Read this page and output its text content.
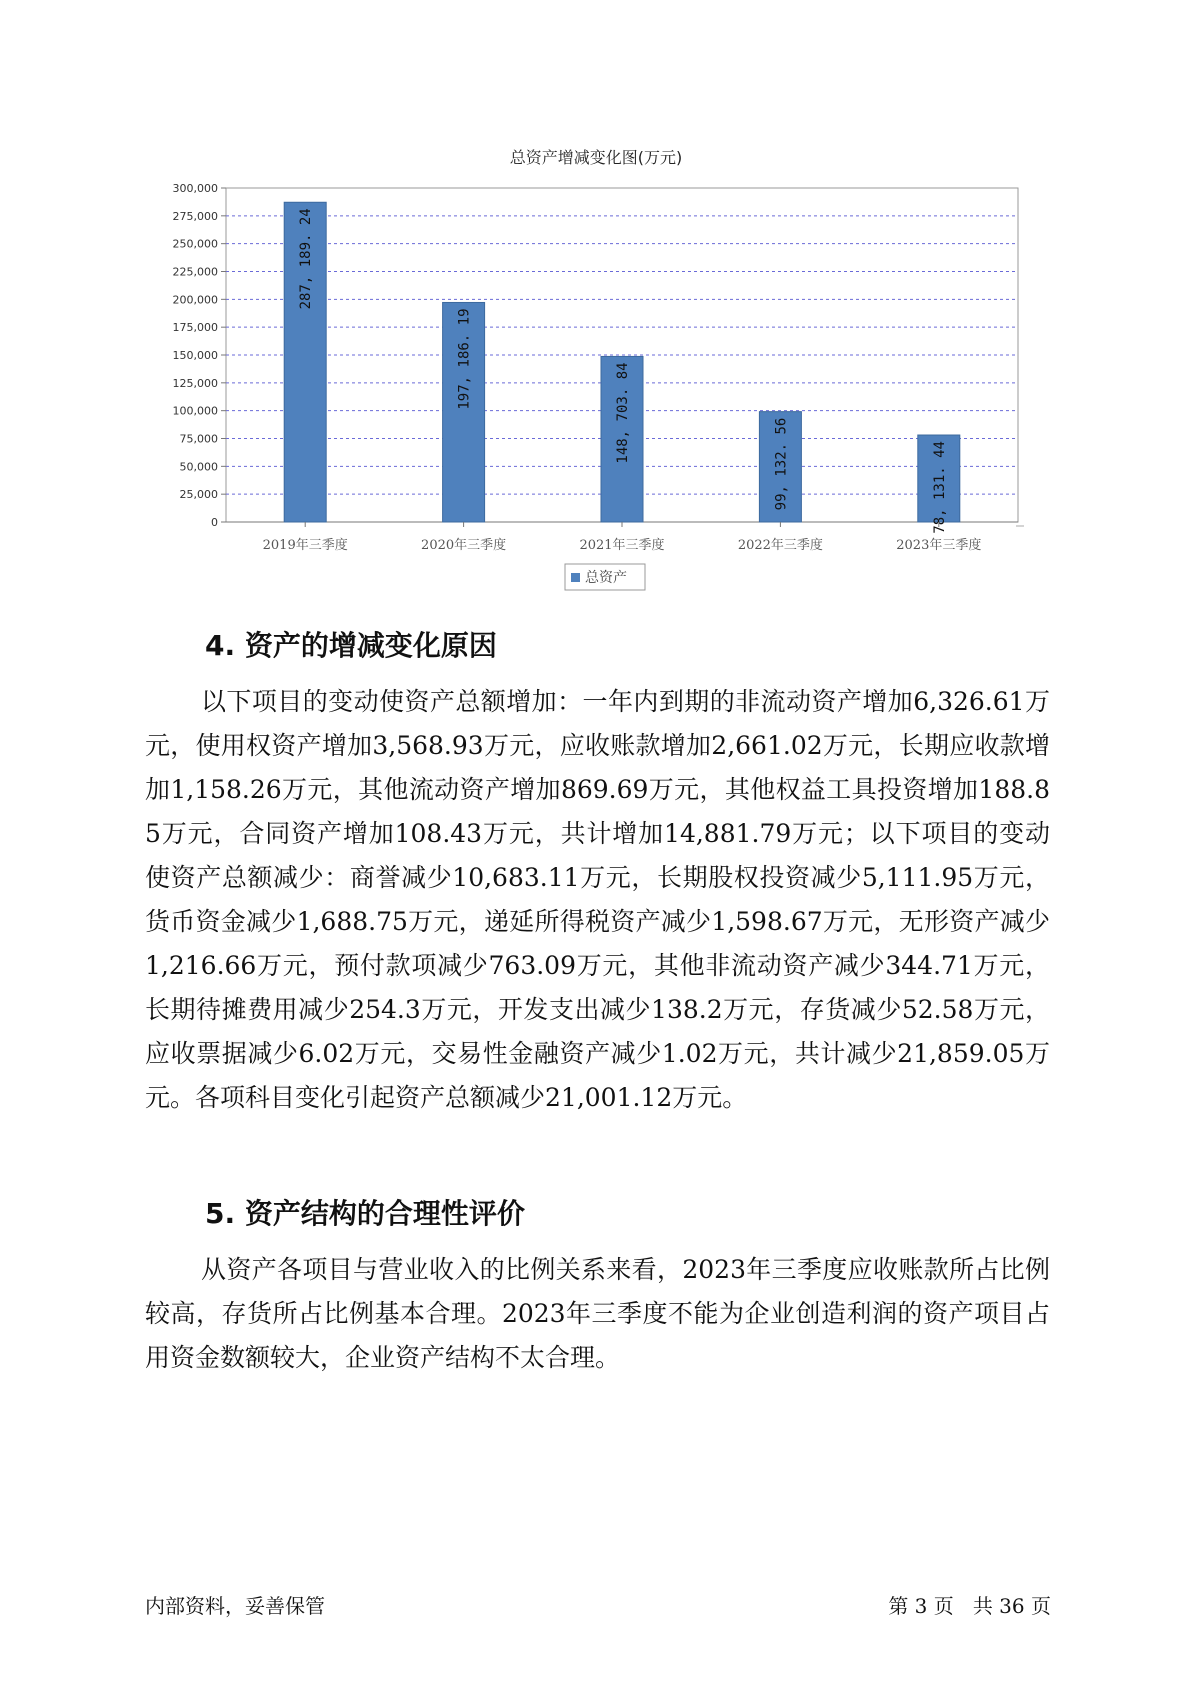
总资产增减变化图(万元)
0
25,000
50,000
75,000
100,000
125,000
150,000
175,000
200,000
225,000
250,000
275,000
300,000
287, 189. 24
2019年三季度
197, 186. 19
2020年三季度
148, 703. 84
2021年三季度
99, 132. 56
2022年三季度
78, 131. 44
2023年三季度
总资产
4. 资产的增减变化原因

以下项目的变动使资产总额增加：一年内到期的非流动资产增加6,326.61万元，使用权资产增加3,568.93万元，应收账款增加2,661.02万元，长期应收款增加1,158.26万元，其他流动资产增加869.69万元，其他权益工具投资增加188.85万元，合同资产增加108.43万元，共计增加14,881.79万元；以下项目的变动使资产总额减少：商誉减少10,683.11万元，长期股权投资减少5,111.95万元，货币资金减少1,688.75万元，递延所得税资产减少1,598.67万元，无形资产减少1,216.66万元，预付款项减少763.09万元，其他非流动资产减少344.71万元，长期待摊费用减少254.3万元，开发支出减少138.2万元，存货减少52.58万元，应收票据减少6.02万元，交易性金融资产减少1.02万元，共计减少21,859.05万元。各项科目变化引起资产总额减少21,001.12万元。

5. 资产结构的合理性评价

从资产各项目与营业收入的比例关系来看，2023年三季度应收账款所占比例较高，存货所占比例基本合理。2023年三季度不能为企业创造利润的资产项目占用资金数额较大，企业资产结构不太合理。

内部资料，妥善保管	第 3 页   共 36 页
